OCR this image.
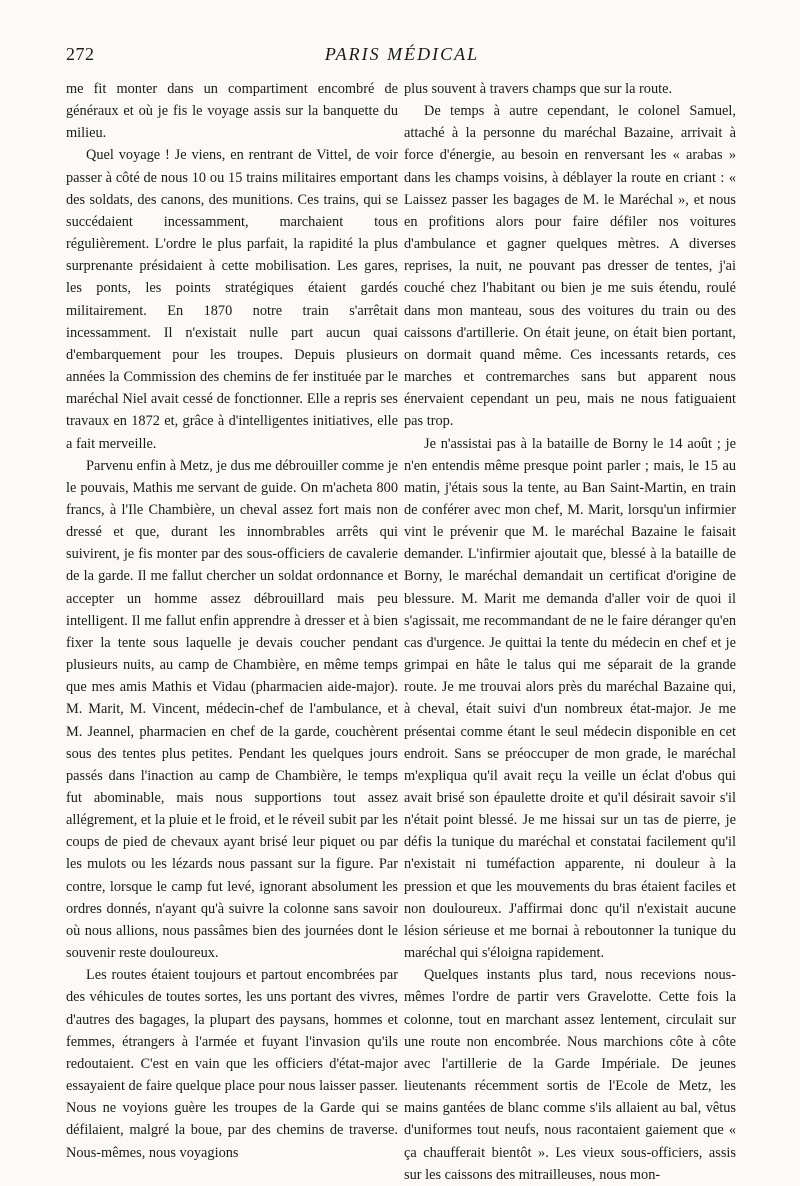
272	PARIS MÉDICAL

me fit monter dans un compartiment encombré de généraux et où je fis le voyage assis sur la banquette du milieu.

Quel voyage ! Je viens, en rentrant de Vittel, de voir passer à côté de nous 10 ou 15 trains militaires emportant des soldats, des canons, des munitions. Ces trains, qui se succédaient incessamment, marchaient tous régulièrement. L'ordre le plus parfait, la rapidité la plus surprenante présidaient à cette mobilisation. Les gares, les ponts, les points stratégiques étaient gardés militairement. En 1870 notre train s'arrêtait incessamment. Il n'existait nulle part aucun quai d'embarquement pour les troupes. Depuis plusieurs années la Commission des chemins de fer instituée par le maréchal Niel avait cessé de fonctionner. Elle a repris ses travaux en 1872 et, grâce à d'intelligentes initiatives, elle a fait merveille.

Parvenu enfin à Metz, je dus me débrouiller comme je le pouvais, Mathis me servant de guide. On m'acheta 800 francs, à l'Ile Chambière, un cheval assez fort mais non dressé et que, durant les innombrables arrêts qui suivirent, je fis monter par des sous-officiers de cavalerie de la garde. Il me fallut chercher un soldat ordonnance et accepter un homme assez débrouillard mais peu intelligent. Il me fallut enfin apprendre à dresser et à bien fixer la tente sous laquelle je devais coucher pendant plusieurs nuits, au camp de Chambière, en même temps que mes amis Mathis et Vidau (pharmacien aide-major). M. Marit, M. Vincent, médecin-chef de l'ambulance, et M. Jeannel, pharmacien en chef de la garde, couchèrent sous des tentes plus petites. Pendant les quelques jours passés dans l'inaction au camp de Chambière, le temps fut abominable, mais nous supportions tout assez allégrement, et la pluie et le froid, et le réveil subit par les coups de pied de chevaux ayant brisé leur piquet ou par les mulots ou les lézards nous passant sur la figure. Par contre, lorsque le camp fut levé, ignorant absolument les ordres donnés, n'ayant qu'à suivre la colonne sans savoir où nous allions, nous passâmes bien des journées dont le souvenir reste douloureux.

Les routes étaient toujours et partout encombrées par des véhicules de toutes sortes, les uns portant des vivres, d'autres des bagages, la plupart des paysans, hommes et femmes, étrangers à l'armée et fuyant l'invasion qu'ils redoutaient. C'est en vain que les officiers d'état-major essayaient de faire quelque place pour nous laisser passer. Nous ne voyions guère les troupes de la Garde qui se défilaient, malgré la boue, par des chemins de traverse. Nous-mêmes, nous voyagions

plus souvent à travers champs que sur la route.

De temps à autre cependant, le colonel Samuel, attaché à la personne du maréchal Bazaine, arrivait à force d'énergie, au besoin en renversant les « arabas » dans les champs voisins, à déblayer la route en criant : « Laissez passer les bagages de M. le Maréchal », et nous en profitions alors pour faire défiler nos voitures d'ambulance et gagner quelques mètres. A diverses reprises, la nuit, ne pouvant pas dresser de tentes, j'ai couché chez l'habitant ou bien je me suis étendu, roulé dans mon manteau, sous des voitures du train ou des caissons d'artillerie. On était jeune, on était bien portant, on dormait quand même. Ces incessants retards, ces marches et contremarches sans but apparent nous énervaient cependant un peu, mais ne nous fatiguaient pas trop.

Je n'assistai pas à la bataille de Borny le 14 août ; je n'en entendis même presque point parler ; mais, le 15 au matin, j'étais sous la tente, au Ban Saint-Martin, en train de conférer avec mon chef, M. Marit, lorsqu'un infirmier vint le prévenir que M. le maréchal Bazaine le faisait demander. L'infirmier ajoutait que, blessé à la bataille de Borny, le maréchal demandait un certificat d'origine de blessure. M. Marit me demanda d'aller voir de quoi il s'agissait, me recommandant de ne le faire déranger qu'en cas d'urgence. Je quittai la tente du médecin en chef et je grimpai en hâte le talus qui me séparait de la grande route. Je me trouvai alors près du maréchal Bazaine qui, à cheval, était suivi d'un nombreux état-major. Je me présentai comme étant le seul médecin disponible en cet endroit. Sans se préoccuper de mon grade, le maréchal m'expliqua qu'il avait reçu la veille un éclat d'obus qui avait brisé son épaulette droite et qu'il désirait savoir s'il n'était point blessé. Je me hissai sur un tas de pierre, je défis la tunique du maréchal et constatai facilement qu'il n'existait ni tuméfaction apparente, ni douleur à la pression et que les mouvements du bras étaient faciles et non douloureux. J'affirmai donc qu'il n'existait aucune lésion sérieuse et me bornai à reboutonner la tunique du maréchal qui s'éloigna rapidement.

Quelques instants plus tard, nous recevions nous-mêmes l'ordre de partir vers Gravelotte. Cette fois la colonne, tout en marchant assez lentement, circulait sur une route non encombrée. Nous marchions côte à côte avec l'artillerie de la Garde Impériale. De jeunes lieutenants récemment sortis de l'Ecole de Metz, les mains gantées de blanc comme s'ils allaient au bal, vêtus d'uniformes tout neufs, nous racontaient gaiement que « ça chaufferait bientôt ». Les vieux sous-officiers, assis sur les caissons des mitrailleuses, nous mon-
